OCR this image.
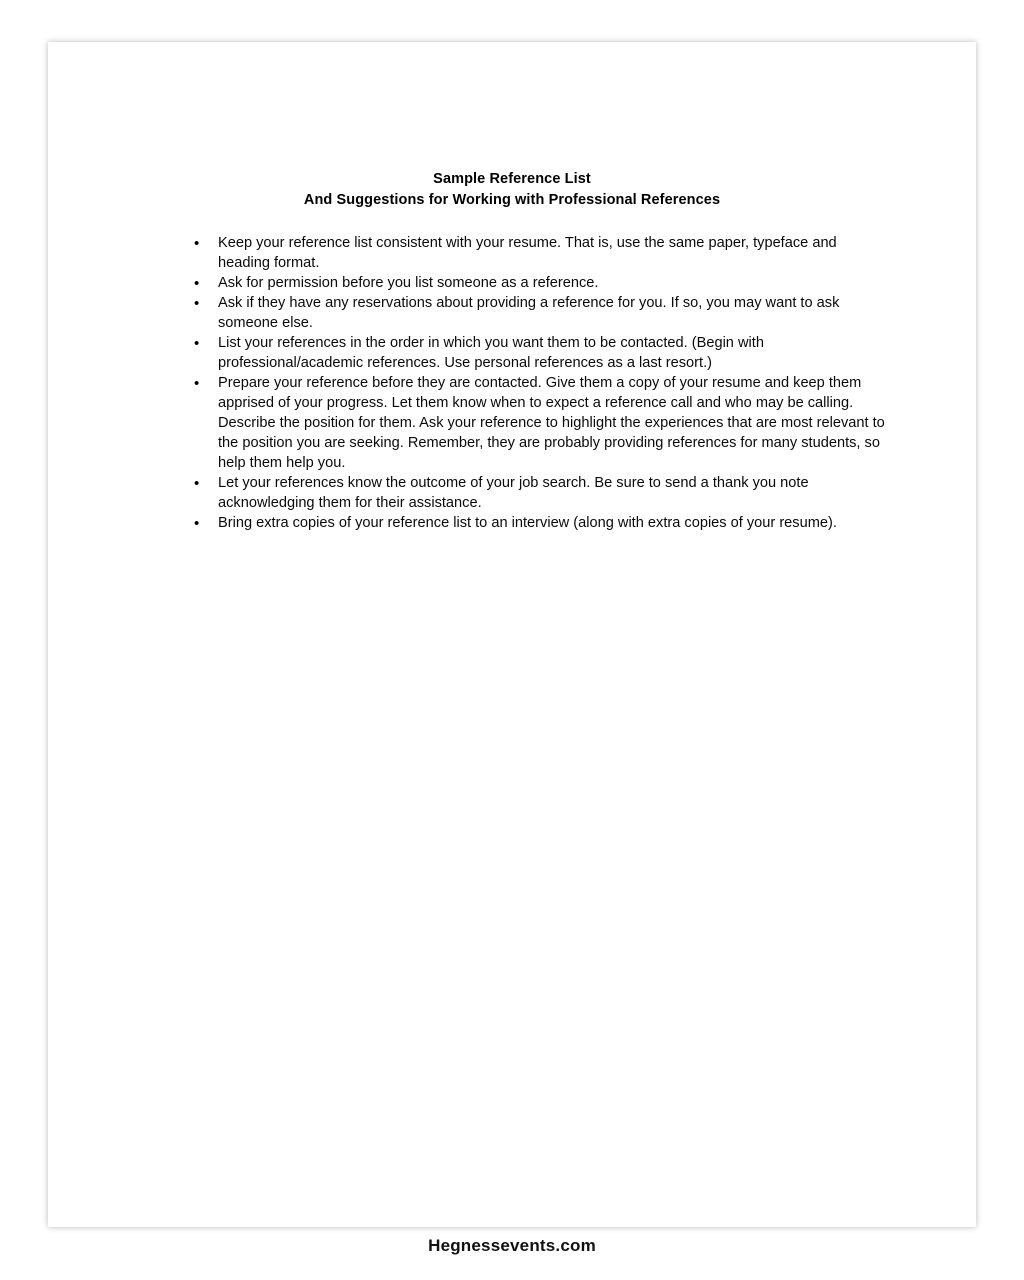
Sample Reference List
And Suggestions for Working with Professional References
• Keep your reference list consistent with your resume. That is, use the same paper, typeface and heading format.
• Ask for permission before you list someone as a reference.
• Ask if they have any reservations about providing a reference for you. If so, you may want to ask someone else.
• List your references in the order in which you want them to be contacted. (Begin with professional/academic references. Use personal references as a last resort.)
• Prepare your reference before they are contacted. Give them a copy of your resume and keep them apprised of your progress. Let them know when to expect a reference call and who may be calling. Describe the position for them. Ask your reference to highlight the experiences that are most relevant to the position you are seeking. Remember, they are probably providing references for many students, so help them help you.
• Let your references know the outcome of your job search. Be sure to send a thank you note acknowledging them for their assistance.
• Bring extra copies of your reference list to an interview (along with extra copies of your resume).
Hegnessevents.com
